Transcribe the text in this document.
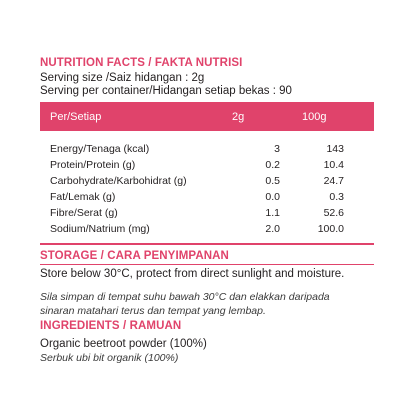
NUTRITION FACTS / FAKTA NUTRISI
Serving size /Saiz hidangan : 2g
Serving per container/Hidangan setiap bekas : 90
Per/Setiap	2g	100g
Energy/Tenaga (kcal)	3	143
Protein/Protein (g)	0.2	10.4
Carbohydrate/Karbohidrat (g)	0.5	24.7
Fat/Lemak (g)	0.0	0.3
Fibre/Serat (g)	1.1	52.6
Sodium/Natrium (mg)	2.0	100.0
STORAGE / CARA PENYIMPANAN
Store below 30°C, protect from direct sunlight and moisture.
Sila simpan di tempat suhu bawah 30°C dan elakkan daripada
sinaran matahari terus dan tempat yang lembap.
INGREDIENTS / RAMUAN
Organic beetroot powder (100%)
Serbuk ubi bit organik (100%)
